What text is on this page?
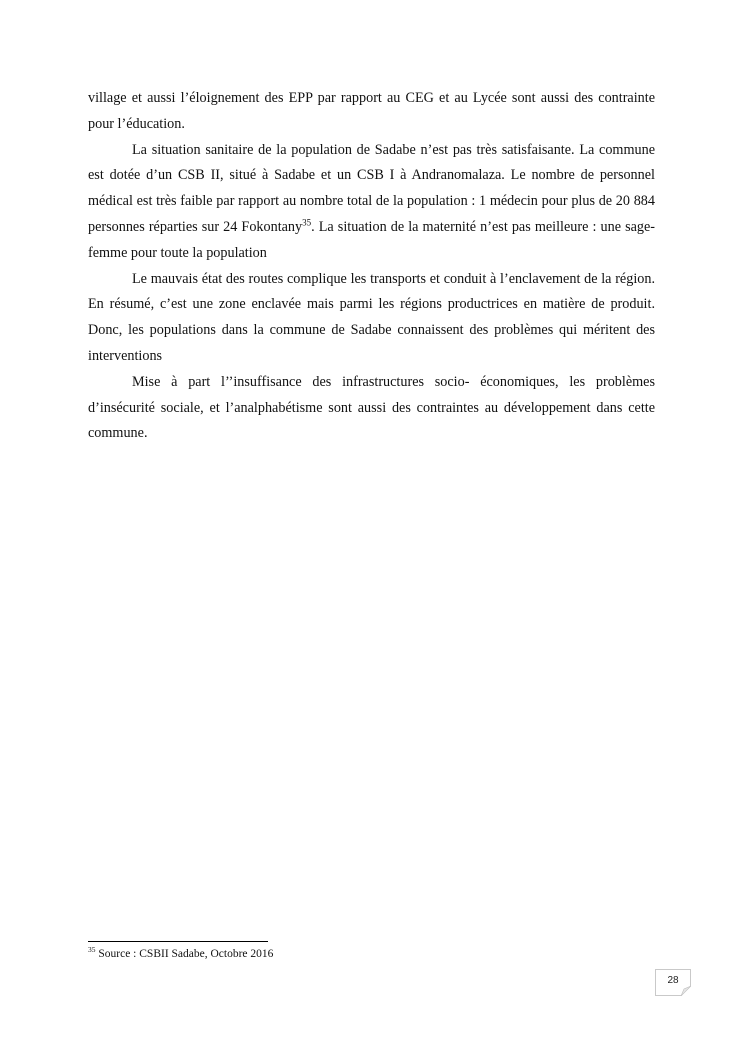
village et aussi l’éloignement des EPP par rapport au CEG et au Lycée sont aussi des contrainte pour l’éducation.

La situation sanitaire de la population de Sadabe n’est pas très satisfaisante. La commune est dotée d’un CSB II, situé à Sadabe et un CSB I à Andranomalaza. Le nombre de personnel médical est très faible par rapport au nombre total de la population : 1 médecin pour plus de 20 884 personnes réparties sur 24 Fokontany$^{35}$. La situation de la maternité n’est pas meilleure : une sage-femme pour toute la population

Le mauvais état des routes complique les transports et conduit à l’enclavement de la région. En résumé, c’est une zone enclavée mais parmi les régions productrices en matière de produit. Donc, les populations dans la commune de Sadabe connaissent des problèmes qui méritent des interventions

Mise à part l’’insuffisance des infrastructures socio- économiques, les problèmes d’insécurité sociale, et l’analphabétisme sont aussi des contraintes au développement dans cette commune.

$^{35}$ Source : CSBII Sadabe, Octobre 2016
28
